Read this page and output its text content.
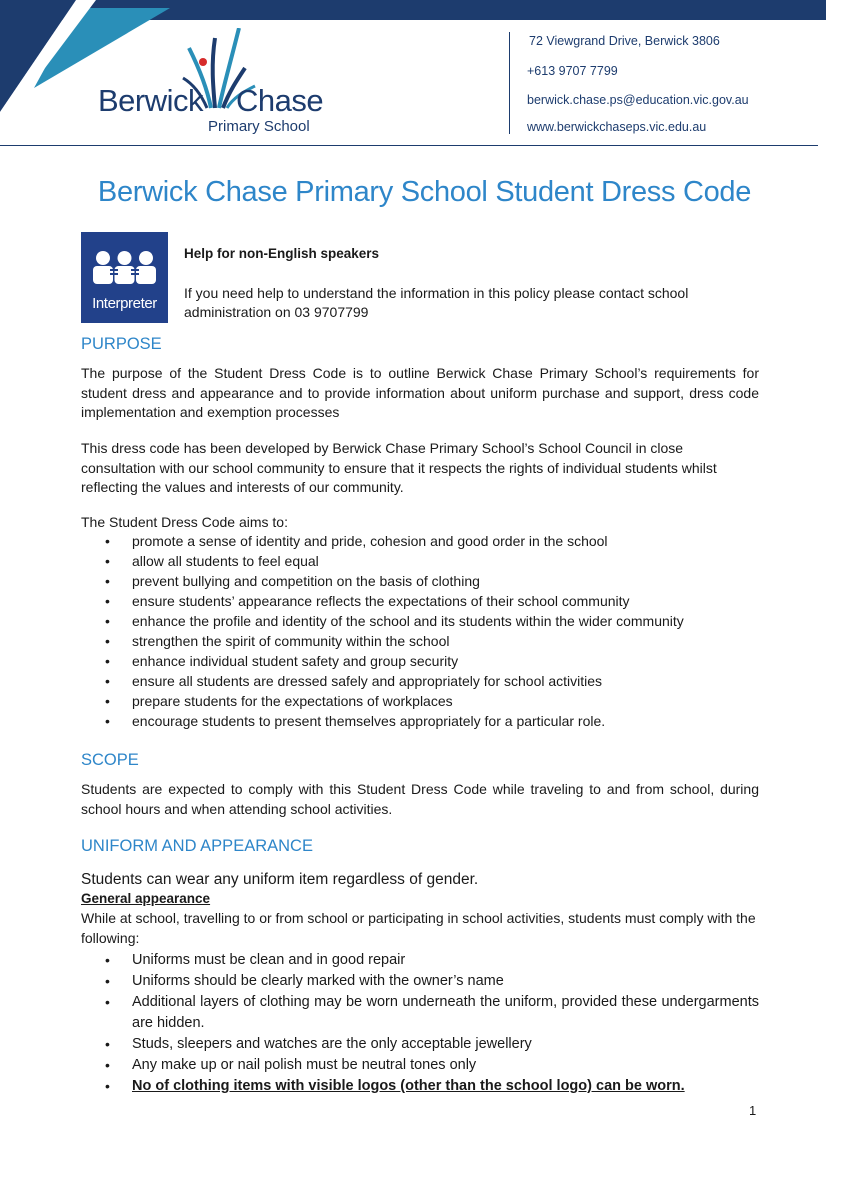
Berwick Chase
Primary School
72 Viewgrand Drive, Berwick 3806
+613 9707 7799
berwick.chase.ps@education.vic.gov.au
www.berwickchaseps.vic.edu.au
Berwick Chase Primary School Student Dress Code
Interpreter
Help for non-English speakers
If you need help to understand the information in this policy please contact school administration on 03 9707799
PURPOSE

The purpose of the Student Dress Code is to outline Berwick Chase Primary School’s requirements for student dress and appearance and to provide information about uniform purchase and support, dress code implementation and exemption processes

This dress code has been developed by Berwick Chase Primary School’s School Council in close consultation with our school community to ensure that it respects the rights of individual students whilst reflecting the values and interests of our community.

The Student Dress Code aims to:

• promote a sense of identity and pride, cohesion and good order in the school
• allow all students to feel equal
• prevent bullying and competition on the basis of clothing
• ensure students’ appearance reflects the expectations of their school community
• enhance the profile and identity of the school and its students within the wider community
• strengthen the spirit of community within the school
• enhance individual student safety and group security
• ensure all students are dressed safely and appropriately for school activities
• prepare students for the expectations of workplaces
• encourage students to present themselves appropriately for a particular role.
SCOPE

Students are expected to comply with this Student Dress Code while traveling to and from school, during school hours and when attending school activities.

UNIFORM AND APPEARANCE

Students can wear any uniform item regardless of gender.

General appearance

While at school, travelling to or from school or participating in school activities, students must comply with the following:

• Uniforms must be clean and in good repair
• Uniforms should be clearly marked with the owner’s name
• Additional layers of clothing may be worn underneath the uniform, provided these undergarments are hidden.
• Studs, sleepers and watches are the only acceptable jewellery
• Any make up or nail polish must be neutral tones only
• No of clothing items with visible logos (other than the school logo) can be worn.
1
